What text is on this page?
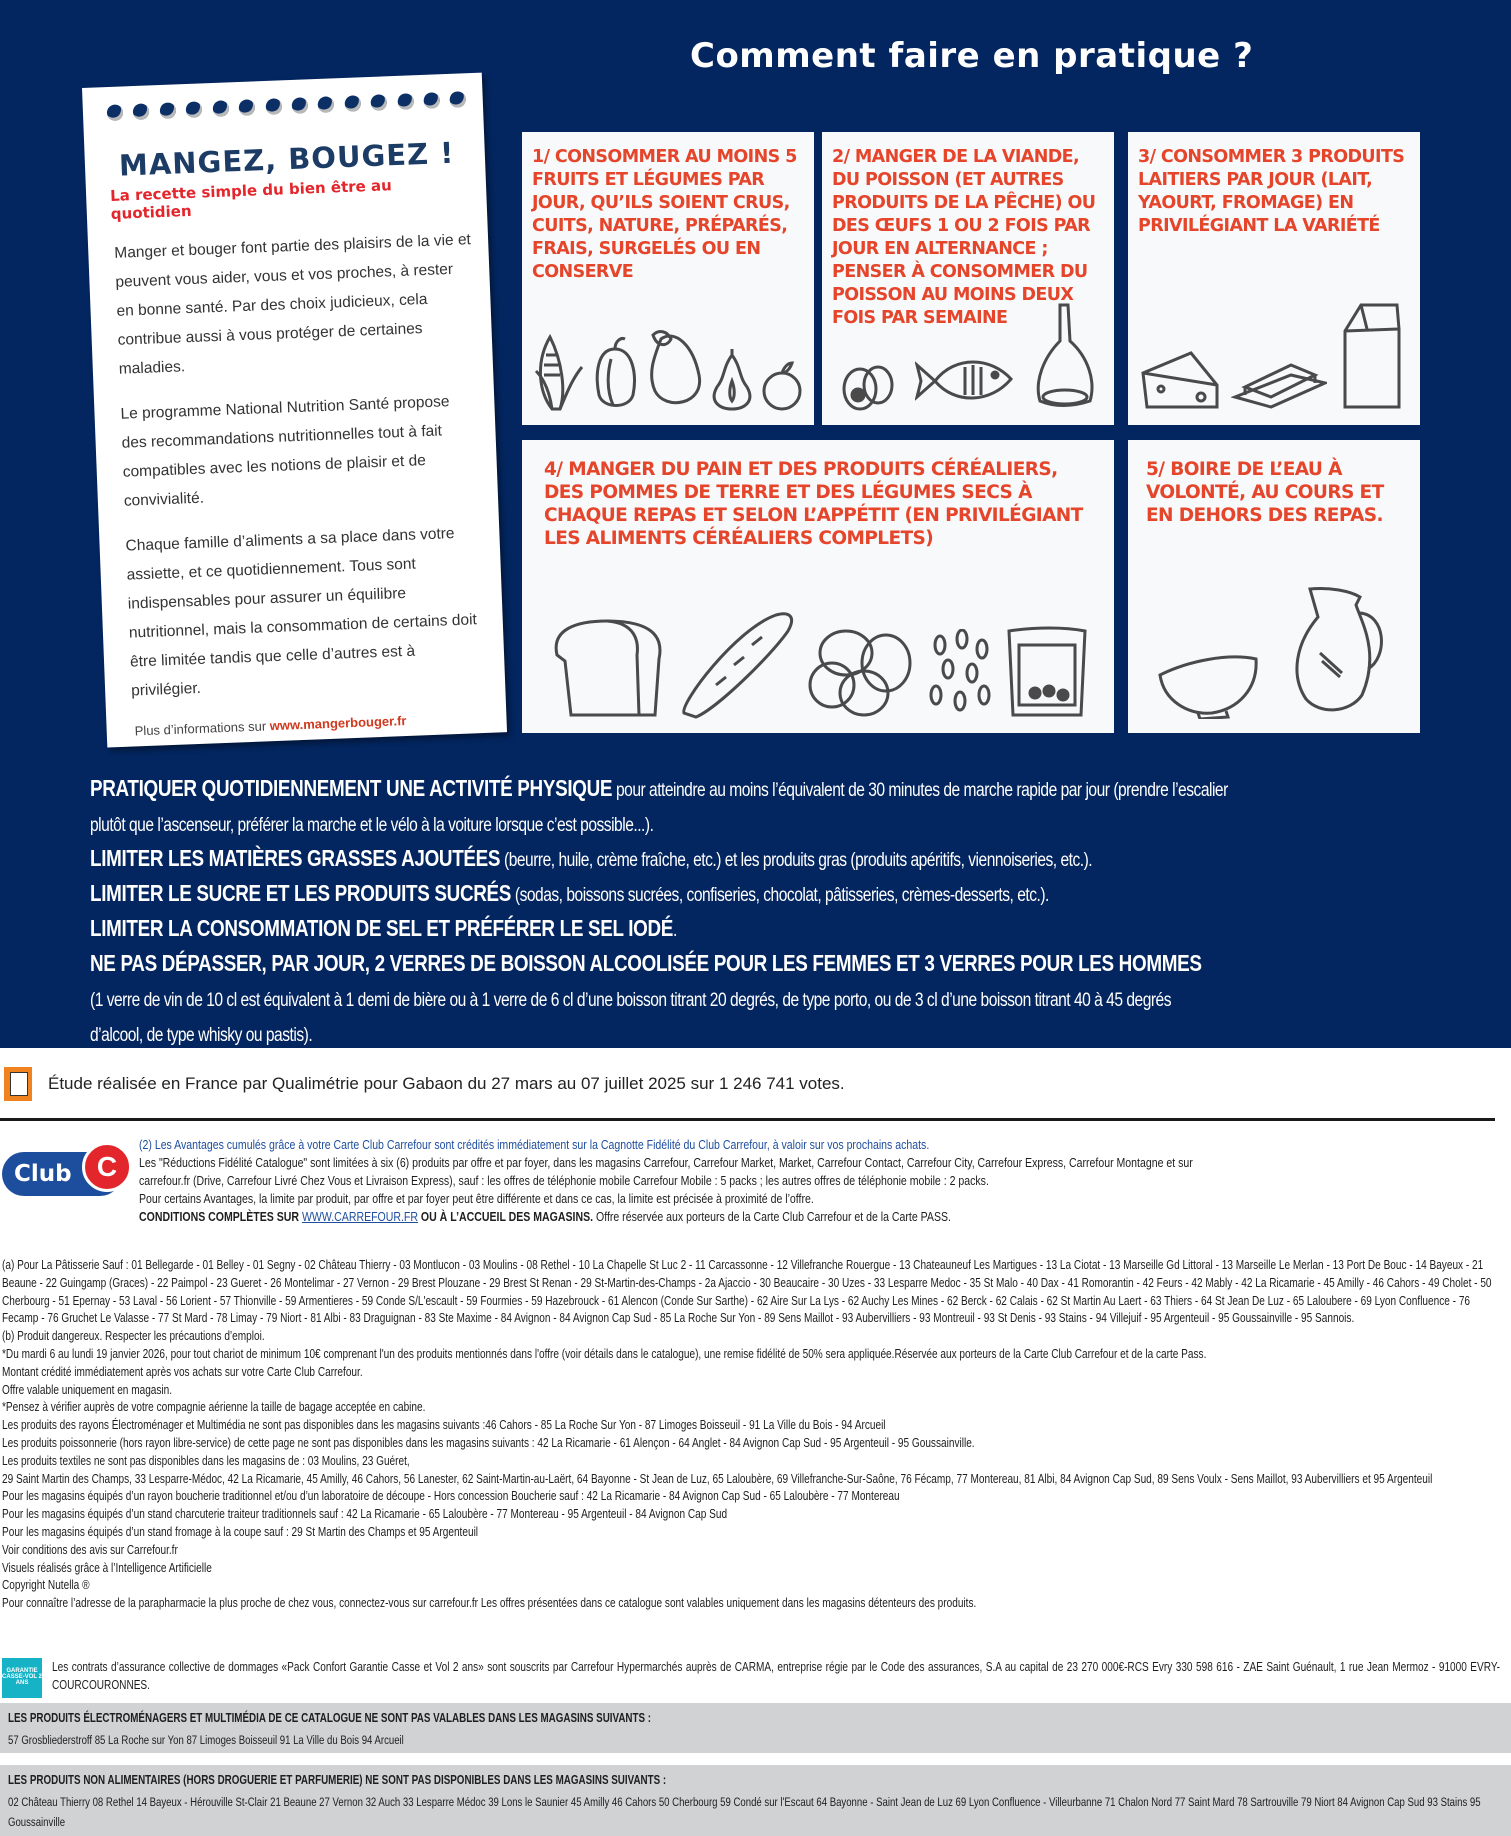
Comment faire en pratique ?
MANGEZ, BOUGEZ !
La recette simple du bien être au quotidien

Manger et bouger font partie des plaisirs de la vie et peuvent vous aider, vous et vos proches, à rester en bonne santé. Par des choix judicieux, cela contribue aussi à vous protéger de certaines maladies.

Le programme National Nutrition Santé propose des recommandations nutritionnelles tout à fait compatibles avec les notions de plaisir et de convivialité.

Chaque famille d’aliments a sa place dans votre assiette, et ce quotidiennement. Tous sont indispensables pour assurer un équilibre nutritionnel, mais la consommation de certains doit être limitée tandis que celle d’autres est à privilégier.

Plus d’informations sur www.mangerbouger.fr
1/ CONSOMMER AU MOINS 5 FRUITS ET LÉGUMES PAR JOUR, QU’ILS SOIENT CRUS, CUITS, NATURE, PRÉPARÉS, FRAIS, SURGELÉS OU EN CONSERVE
2/ MANGER DE LA VIANDE, DU POISSON (ET AUTRES PRODUITS DE LA PÊCHE) OU DES ŒUFS 1 OU 2 FOIS PAR JOUR EN ALTERNANCE ; PENSER À CONSOMMER DU POISSON AU MOINS DEUX FOIS PAR SEMAINE
3/ CONSOMMER 3 PRODUITS LAITIERS PAR JOUR (LAIT, YAOURT, FROMAGE) EN PRIVILÉGIANT LA VARIÉTÉ
4/ MANGER DU PAIN ET DES PRODUITS CÉRÉALIERS, DES POMMES DE TERRE ET DES LÉGUMES SECS À CHAQUE REPAS ET SELON L’APPÉTIT (EN PRIVILÉGIANT LES ALIMENTS CÉRÉALIERS COMPLETS)
5/ BOIRE DE L’EAU À VOLONTÉ, AU COURS ET EN DEHORS DES REPAS.
PRATIQUER QUOTIDIENNEMENT UNE ACTIVITÉ PHYSIQUE pour atteindre au moins l’équivalent de 30 minutes de marche rapide par jour (prendre l’escalier
plutôt que l’ascenseur, préférer la marche et le vélo à la voiture lorsque c’est possible...).
LIMITER LES MATIÈRES GRASSES AJOUTÉES (beurre, huile, crème fraîche, etc.) et les produits gras (produits apéritifs, viennoiseries, etc.).
LIMITER LE SUCRE ET LES PRODUITS SUCRÉS (sodas, boissons sucrées, confiseries, chocolat, pâtisseries, crèmes-desserts, etc.).
LIMITER LA CONSOMMATION DE SEL ET PRÉFÉRER LE SEL IODÉ.
NE PAS DÉPASSER, PAR JOUR, 2 VERRES DE BOISSON ALCOOLISÉE POUR LES FEMMES ET 3 VERRES POUR LES HOMMES
(1 verre de vin de 10 cl est équivalent à 1 demi de bière ou à 1 verre de 6 cl d’une boisson titrant 20 degrés, de type porto, ou de 3 cl d’une boisson titrant 40 à 45 degrés
d’alcool, de type whisky ou pastis).
Étude réalisée en France par Qualimétrie pour Gabaon du 27 mars au 07 juillet 2025 sur 1 246 741 votes.
Club C
(2) Les Avantages cumulés grâce à votre Carte Club Carrefour sont crédités immédiatement sur la Cagnotte Fidélité du Club Carrefour, à valoir sur vos prochains achats.
Les "Réductions Fidélité Catalogue" sont limitées à six (6) produits par offre et par foyer, dans les magasins Carrefour, Carrefour Market, Market, Carrefour Contact, Carrefour City, Carrefour Express, Carrefour Montagne et sur
carrefour.fr (Drive, Carrefour Livré Chez Vous et Livraison Express), sauf : les offres de téléphonie mobile Carrefour Mobile : 5 packs ; les autres offres de téléphonie mobile : 2 packs.
Pour certains Avantages, la limite par produit, par offre et par foyer peut être différente et dans ce cas, la limite est précisée à proximité de l’offre.
CONDITIONS COMPLÈTES SUR WWW.CARREFOUR.FR OU À L’ACCUEIL DES MAGASINS. Offre réservée aux porteurs de la Carte Club Carrefour et de la Carte PASS.
(a) Pour La Pâtisserie Sauf : 01 Bellegarde - 01 Belley - 01 Segny - 02 Château Thierry - 03 Montlucon - 03 Moulins - 08 Rethel - 10 La Chapelle St Luc 2 - 11 Carcassonne - 12 Villefranche Rouergue - 13 Chateauneuf Les Martigues - 13 La Ciotat - 13 Marseille Gd Littoral - 13 Marseille Le Merlan - 13 Port De Bouc - 14 Bayeux - 21 Beaune - 22 Guingamp (Graces) - 22 Paimpol - 23 Gueret - 26 Montelimar - 27 Vernon - 29 Brest Plouzane - 29 Brest St Renan - 29 St-Martin-des-Champs - 2a Ajaccio - 30 Beaucaire - 30 Uzes - 33 Lesparre Medoc - 35 St Malo - 40 Dax - 41 Romorantin - 42 Feurs - 42 Mably - 42 La Ricamarie - 45 Amilly - 46 Cahors - 49 Cholet - 50 Cherbourg - 51 Epernay - 53 Laval - 56 Lorient - 57 Thionville - 59 Armentieres - 59 Conde S/L'escault - 59 Fourmies - 59 Hazebrouck - 61 Alencon (Conde Sur Sarthe) - 62 Aire Sur La Lys - 62 Auchy Les Mines - 62 Berck - 62 Calais - 62 St Martin Au Laert - 63 Thiers - 64 St Jean De Luz - 65 Laloubere - 69 Lyon Confluence - 76 Fecamp - 76 Gruchet Le Valasse - 77 St Mard - 78 Limay - 79 Niort - 81 Albi - 83 Draguignan - 83 Ste Maxime - 84 Avignon - 84 Avignon Cap Sud - 85 La Roche Sur Yon - 89 Sens Maillot - 93 Aubervilliers - 93 Montreuil - 93 St Denis - 93 Stains - 94 Villejuif - 95 Argenteuil - 95 Goussainville - 95 Sannois.
(b) Produit dangereux. Respecter les précautions d’emploi.
*Du mardi 6 au lundi 19 janvier 2026, pour tout chariot de minimum 10€ comprenant l'un des produits mentionnés dans l'offre (voir détails dans le catalogue), une remise fidélité de 50% sera appliquée.Réservée aux porteurs de la Carte Club Carrefour et de la carte Pass.
Montant crédité immédiatement après vos achats sur votre Carte Club Carrefour.
Offre valable uniquement en magasin.
*Pensez à vérifier auprès de votre compagnie aérienne la taille de bagage acceptée en cabine.
Les produits des rayons Électroménager et Multimédia ne sont pas disponibles dans les magasins suivants :46 Cahors - 85 La Roche Sur Yon - 87 Limoges Boisseuil - 91 La Ville du Bois - 94 Arcueil
Les produits poissonnerie (hors rayon libre-service) de cette page ne sont pas disponibles dans les magasins suivants : 42 La Ricamarie - 61 Alençon - 64 Anglet - 84 Avignon Cap Sud - 95 Argenteuil - 95 Goussainville.
Les produits textiles ne sont pas disponibles dans les magasins de : 03 Moulins, 23 Guéret,
29 Saint Martin des Champs, 33 Lesparre-Médoc, 42 La Ricamarie, 45 Amilly, 46 Cahors, 56 Lanester, 62 Saint-Martin-au-Laërt, 64 Bayonne - St Jean de Luz, 65 Laloubère, 69 Villefranche-Sur-Saône, 76 Fécamp, 77 Montereau, 81 Albi, 84 Avignon Cap Sud, 89 Sens Voulx - Sens Maillot, 93 Aubervilliers et 95 Argenteuil
Pour les magasins équipés d’un rayon boucherie traditionnel et/ou d’un laboratoire de découpe - Hors concession Boucherie sauf : 42 La Ricamarie - 84 Avignon Cap Sud - 65 Laloubère - 77 Montereau
Pour les magasins équipés d’un stand charcuterie traiteur traditionnels sauf : 42 La Ricamarie - 65 Laloubère - 77 Montereau - 95 Argenteuil - 84 Avignon Cap Sud
Pour les magasins équipés d’un stand fromage à la coupe sauf : 29 St Martin des Champs et 95 Argenteuil
Voir conditions des avis sur Carrefour.fr
Visuels réalisés grâce à l’Intelligence Artificielle
Copyright Nutella ®
Pour connaître l’adresse de la parapharmacie la plus proche de chez vous, connectez-vous sur carrefour.fr Les offres présentées dans ce catalogue sont valables uniquement dans les magasins détenteurs des produits.
GARANTIE CASSE-VOL 2 ANS
Les contrats d’assurance collective de dommages «Pack Confort Garantie Casse et Vol 2 ans» sont souscrits par Carrefour Hypermarchés auprès de CARMA, entreprise régie par le Code des assurances, S.A au capital de 23 270 000€-RCS Evry 330 598 616 - ZAE Saint Guénault, 1 rue Jean Mermoz - 91000 EVRY-COURCOURONNES.
LES PRODUITS ÉLECTROMÉNAGERS ET MULTIMÉDIA DE CE CATALOGUE NE SONT PAS VALABLES DANS LES MAGASINS SUIVANTS :
57 Grosbliederstroff 85 La Roche sur Yon 87 Limoges Boisseuil 91 La Ville du Bois 94 Arcueil
LES PRODUITS NON ALIMENTAIRES (HORS DROGUERIE ET PARFUMERIE) NE SONT PAS DISPONIBLES DANS LES MAGASINS SUIVANTS :
02 Château Thierry 08 Rethel 14 Bayeux - Hérouville St-Clair 21 Beaune 27 Vernon 32 Auch 33 Lesparre Médoc 39 Lons le Saunier 45 Amilly 46 Cahors 50 Cherbourg 59 Condé sur l'Escaut 64 Bayonne - Saint Jean de Luz 69 Lyon Confluence - Villeurbanne 71 Chalon Nord 77 Saint Mard 78 Sartrouville 79 Niort 84 Avignon Cap Sud 93 Stains 95 Goussainville
